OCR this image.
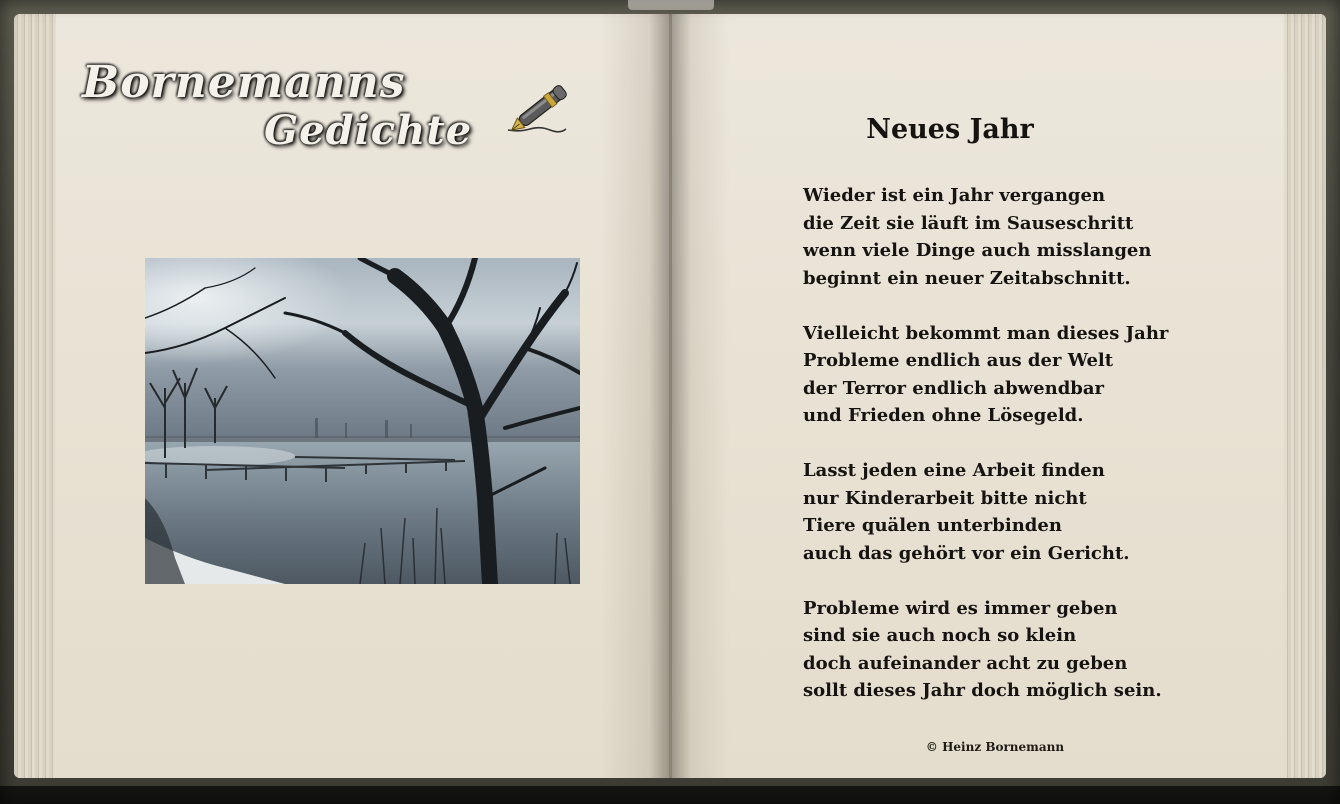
Bornemanns
Gedichte	Neues Jahr
Wieder ist ein Jahr vergangen
die Zeit sie läuft im Sauseschritt
wenn viele Dinge auch misslangen
beginnt ein neuer Zeitabschnitt.
Vielleicht bekommt man dieses Jahr
Probleme endlich aus der Welt
der Terror endlich abwendbar
und Frieden ohne Lösegeld.
Lasst jeden eine Arbeit finden
nur Kinderarbeit bitte nicht
Tiere quälen unterbinden
auch das gehört vor ein Gericht.
Probleme wird es immer geben
sind sie auch noch so klein
doch aufeinander acht zu geben
sollt dieses Jahr doch möglich sein.
© Heinz Bornemann
